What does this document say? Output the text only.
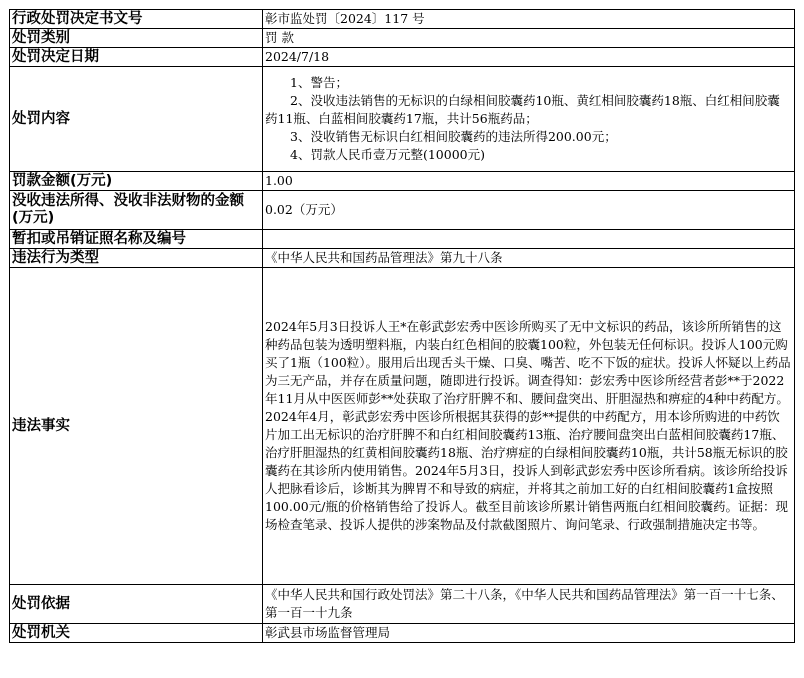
行政处罚决定书文号	彰市监处罚〔2024〕117 号
处罚类别	罚 款
处罚决定日期	2024/7/18
处罚内容	1、警告；

2、没收违法销售的无标识的白绿相间胶囊药10瓶、黄红相间胶囊药18瓶、白红相间胶囊药11瓶、白蓝相间胶囊药17瓶，共计56瓶药品；

3、没收销售无标识白红相间胶囊药的违法所得200.00元；

4、罚款人民币壹万元整(10000元)

罚款金额(万元)	1.00
没收违法所得、没收非法财物的金额(万元)	0.02（万元）
暂扣或吊销证照名称及编号	
违法行为类型	《中华人民共和国药品管理法》第九十八条
违法事实	2024年5月3日投诉人王*在彰武彭宏秀中医诊所购买了无中文标识的药品，该诊所所销售的这种药品包装为透明塑料瓶，内装白红色相间的胶囊100粒，外包装无任何标识。投诉人100元购买了1瓶（100粒）。服用后出现舌头干燥、口臭、嘴苦、吃不下饭的症状。投诉人怀疑以上药品为三无产品，并存在质量问题，随即进行投诉。调查得知：彭宏秀中医诊所经营者彭**于2022年11月从中医医师彭**处获取了治疗肝脾不和、腰间盘突出、肝胆湿热和痹症的4种中药配方。2024年4月，彰武彭宏秀中医诊所根据其获得的彭**提供的中药配方，用本诊所购进的中药饮片加工出无标识的治疗肝脾不和白红相间胶囊药13瓶、治疗腰间盘突出白蓝相间胶囊药17瓶、治疗肝胆湿热的红黄相间胶囊药18瓶、治疗痹症的白绿相间胶囊药10瓶，共计58瓶无标识的胶囊药在其诊所内使用销售。2024年5月3日，投诉人到彰武彭宏秀中医诊所看病。该诊所给投诉人把脉看诊后，诊断其为脾胃不和导致的病症，并将其之前加工好的白红相间胶囊药1盒按照100.00元/瓶的价格销售给了投诉人。截至目前该诊所累计销售两瓶白红相间胶囊药。证据：现场检查笔录、投诉人提供的涉案物品及付款截图照片、询问笔录、行政强制措施决定书等。
处罚依据	《中华人民共和国行政处罚法》第二十八条，《中华人民共和国药品管理法》第一百一十七条、第一百一十九条
处罚机关	彰武县市场监督管理局
